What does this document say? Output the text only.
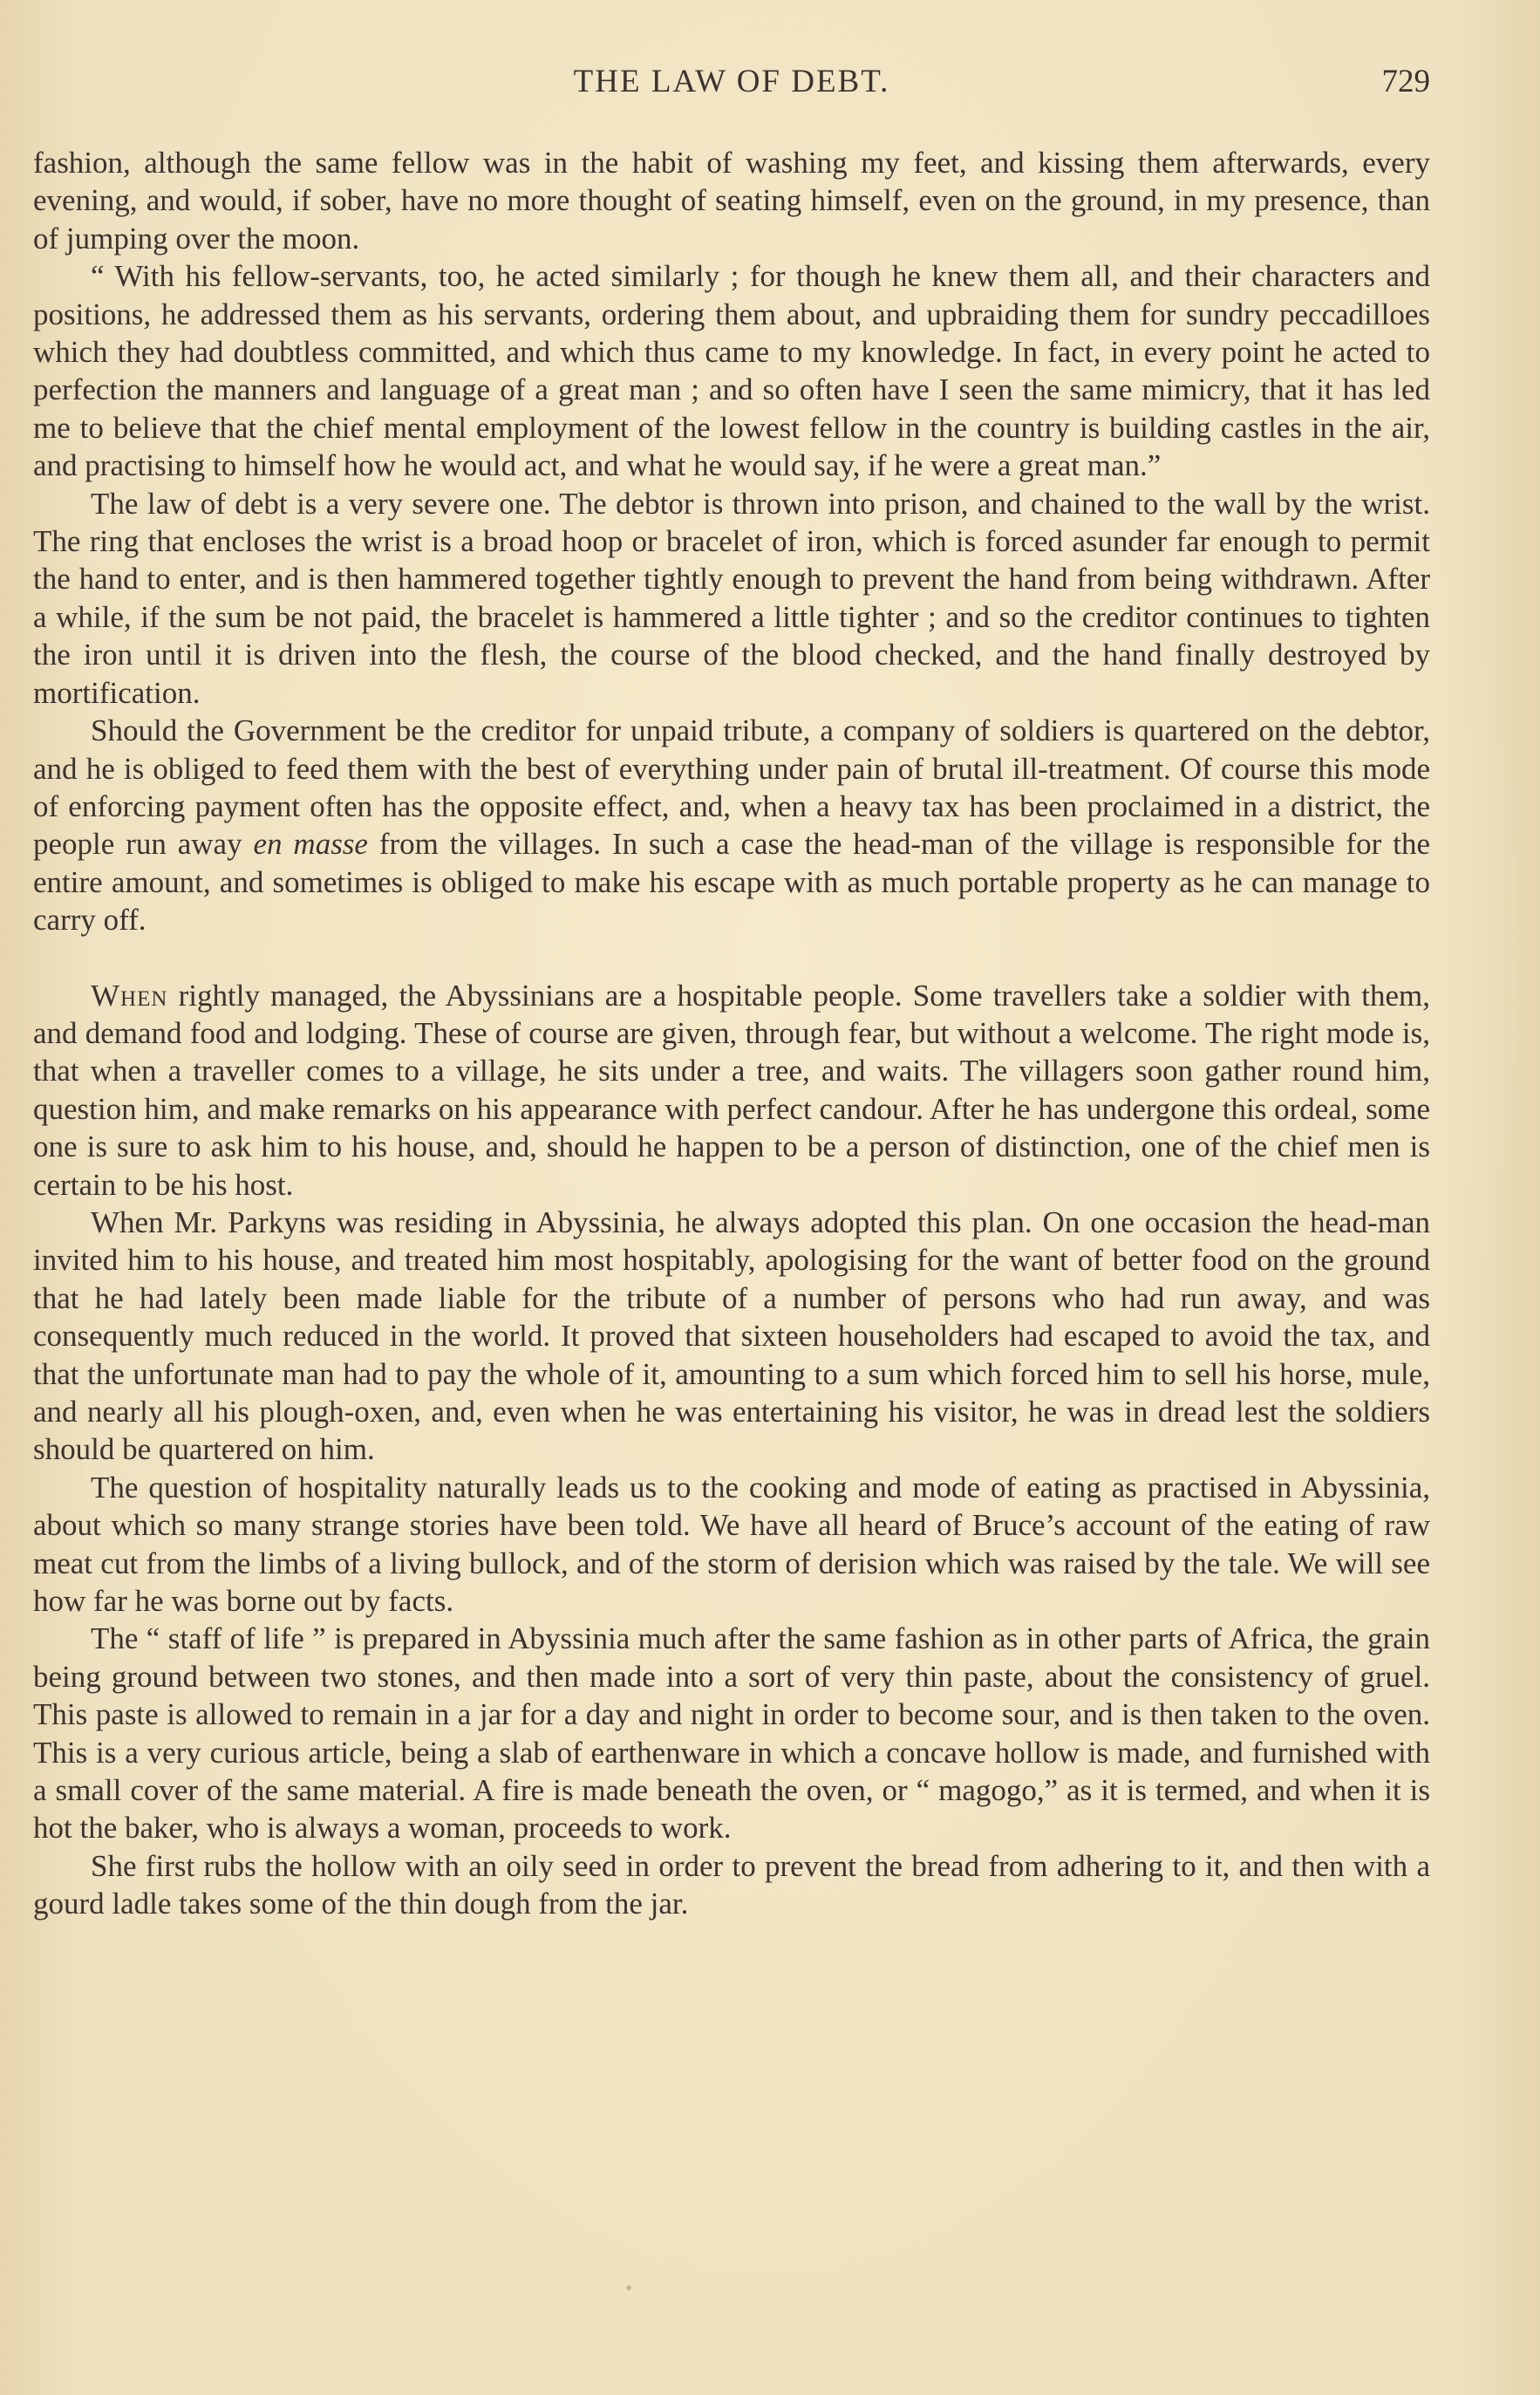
THE LAW OF DEBT.	729

fashion, although the same fellow was in the habit of washing my feet, and kissing them afterwards, every evening, and would, if sober, have no more thought of seating himself, even on the ground, in my presence, than of jumping over the moon.

“ With his fellow-servants, too, he acted similarly ; for though he knew them all, and their characters and positions, he addressed them as his servants, ordering them about, and upbraiding them for sundry peccadilloes which they had doubtless committed, and which thus came to my knowledge. In fact, in every point he acted to perfection the manners and language of a great man ; and so often have I seen the same mimicry, that it has led me to believe that the chief mental employment of the lowest fellow in the country is building castles in the air, and practising to himself how he would act, and what he would say, if he were a great man.”

The law of debt is a very severe one. The debtor is thrown into prison, and chained to the wall by the wrist. The ring that encloses the wrist is a broad hoop or bracelet of iron, which is forced asunder far enough to permit the hand to enter, and is then hammered together tightly enough to prevent the hand from being withdrawn. After a while, if the sum be not paid, the bracelet is hammered a little tighter ; and so the creditor continues to tighten the iron until it is driven into the flesh, the course of the blood checked, and the hand finally destroyed by mortification.

Should the Government be the creditor for unpaid tribute, a company of soldiers is quartered on the debtor, and he is obliged to feed them with the best of everything under pain of brutal ill-treatment. Of course this mode of enforcing payment often has the opposite effect, and, when a heavy tax has been proclaimed in a district, the people run away en masse from the villages. In such a case the head-man of the village is responsible for the entire amount, and sometimes is obliged to make his escape with as much portable property as he can manage to carry off.

When rightly managed, the Abyssinians are a hospitable people. Some travellers take a soldier with them, and demand food and lodging. These of course are given, through fear, but without a welcome. The right mode is, that when a traveller comes to a village, he sits under a tree, and waits. The villagers soon gather round him, question him, and make remarks on his appearance with perfect candour. After he has undergone this ordeal, some one is sure to ask him to his house, and, should he happen to be a person of distinction, one of the chief men is certain to be his host.

When Mr. Parkyns was residing in Abyssinia, he always adopted this plan. On one occasion the head-man invited him to his house, and treated him most hospitably, apologising for the want of better food on the ground that he had lately been made liable for the tribute of a number of persons who had run away, and was consequently much reduced in the world. It proved that sixteen householders had escaped to avoid the tax, and that the unfortunate man had to pay the whole of it, amounting to a sum which forced him to sell his horse, mule, and nearly all his plough-oxen, and, even when he was entertaining his visitor, he was in dread lest the soldiers should be quartered on him.

The question of hospitality naturally leads us to the cooking and mode of eating as practised in Abyssinia, about which so many strange stories have been told. We have all heard of Bruce’s account of the eating of raw meat cut from the limbs of a living bullock, and of the storm of derision which was raised by the tale. We will see how far he was borne out by facts.

The “ staff of life ” is prepared in Abyssinia much after the same fashion as in other parts of Africa, the grain being ground between two stones, and then made into a sort of very thin paste, about the consistency of gruel. This paste is allowed to remain in a jar for a day and night in order to become sour, and is then taken to the oven. This is a very curious article, being a slab of earthenware in which a concave hollow is made, and furnished with a small cover of the same material. A fire is made beneath the oven, or “ magogo,” as it is termed, and when it is hot the baker, who is always a woman, proceeds to work.

She first rubs the hollow with an oily seed in order to prevent the bread from adhering to it, and then with a gourd ladle takes some of the thin dough from the jar.
